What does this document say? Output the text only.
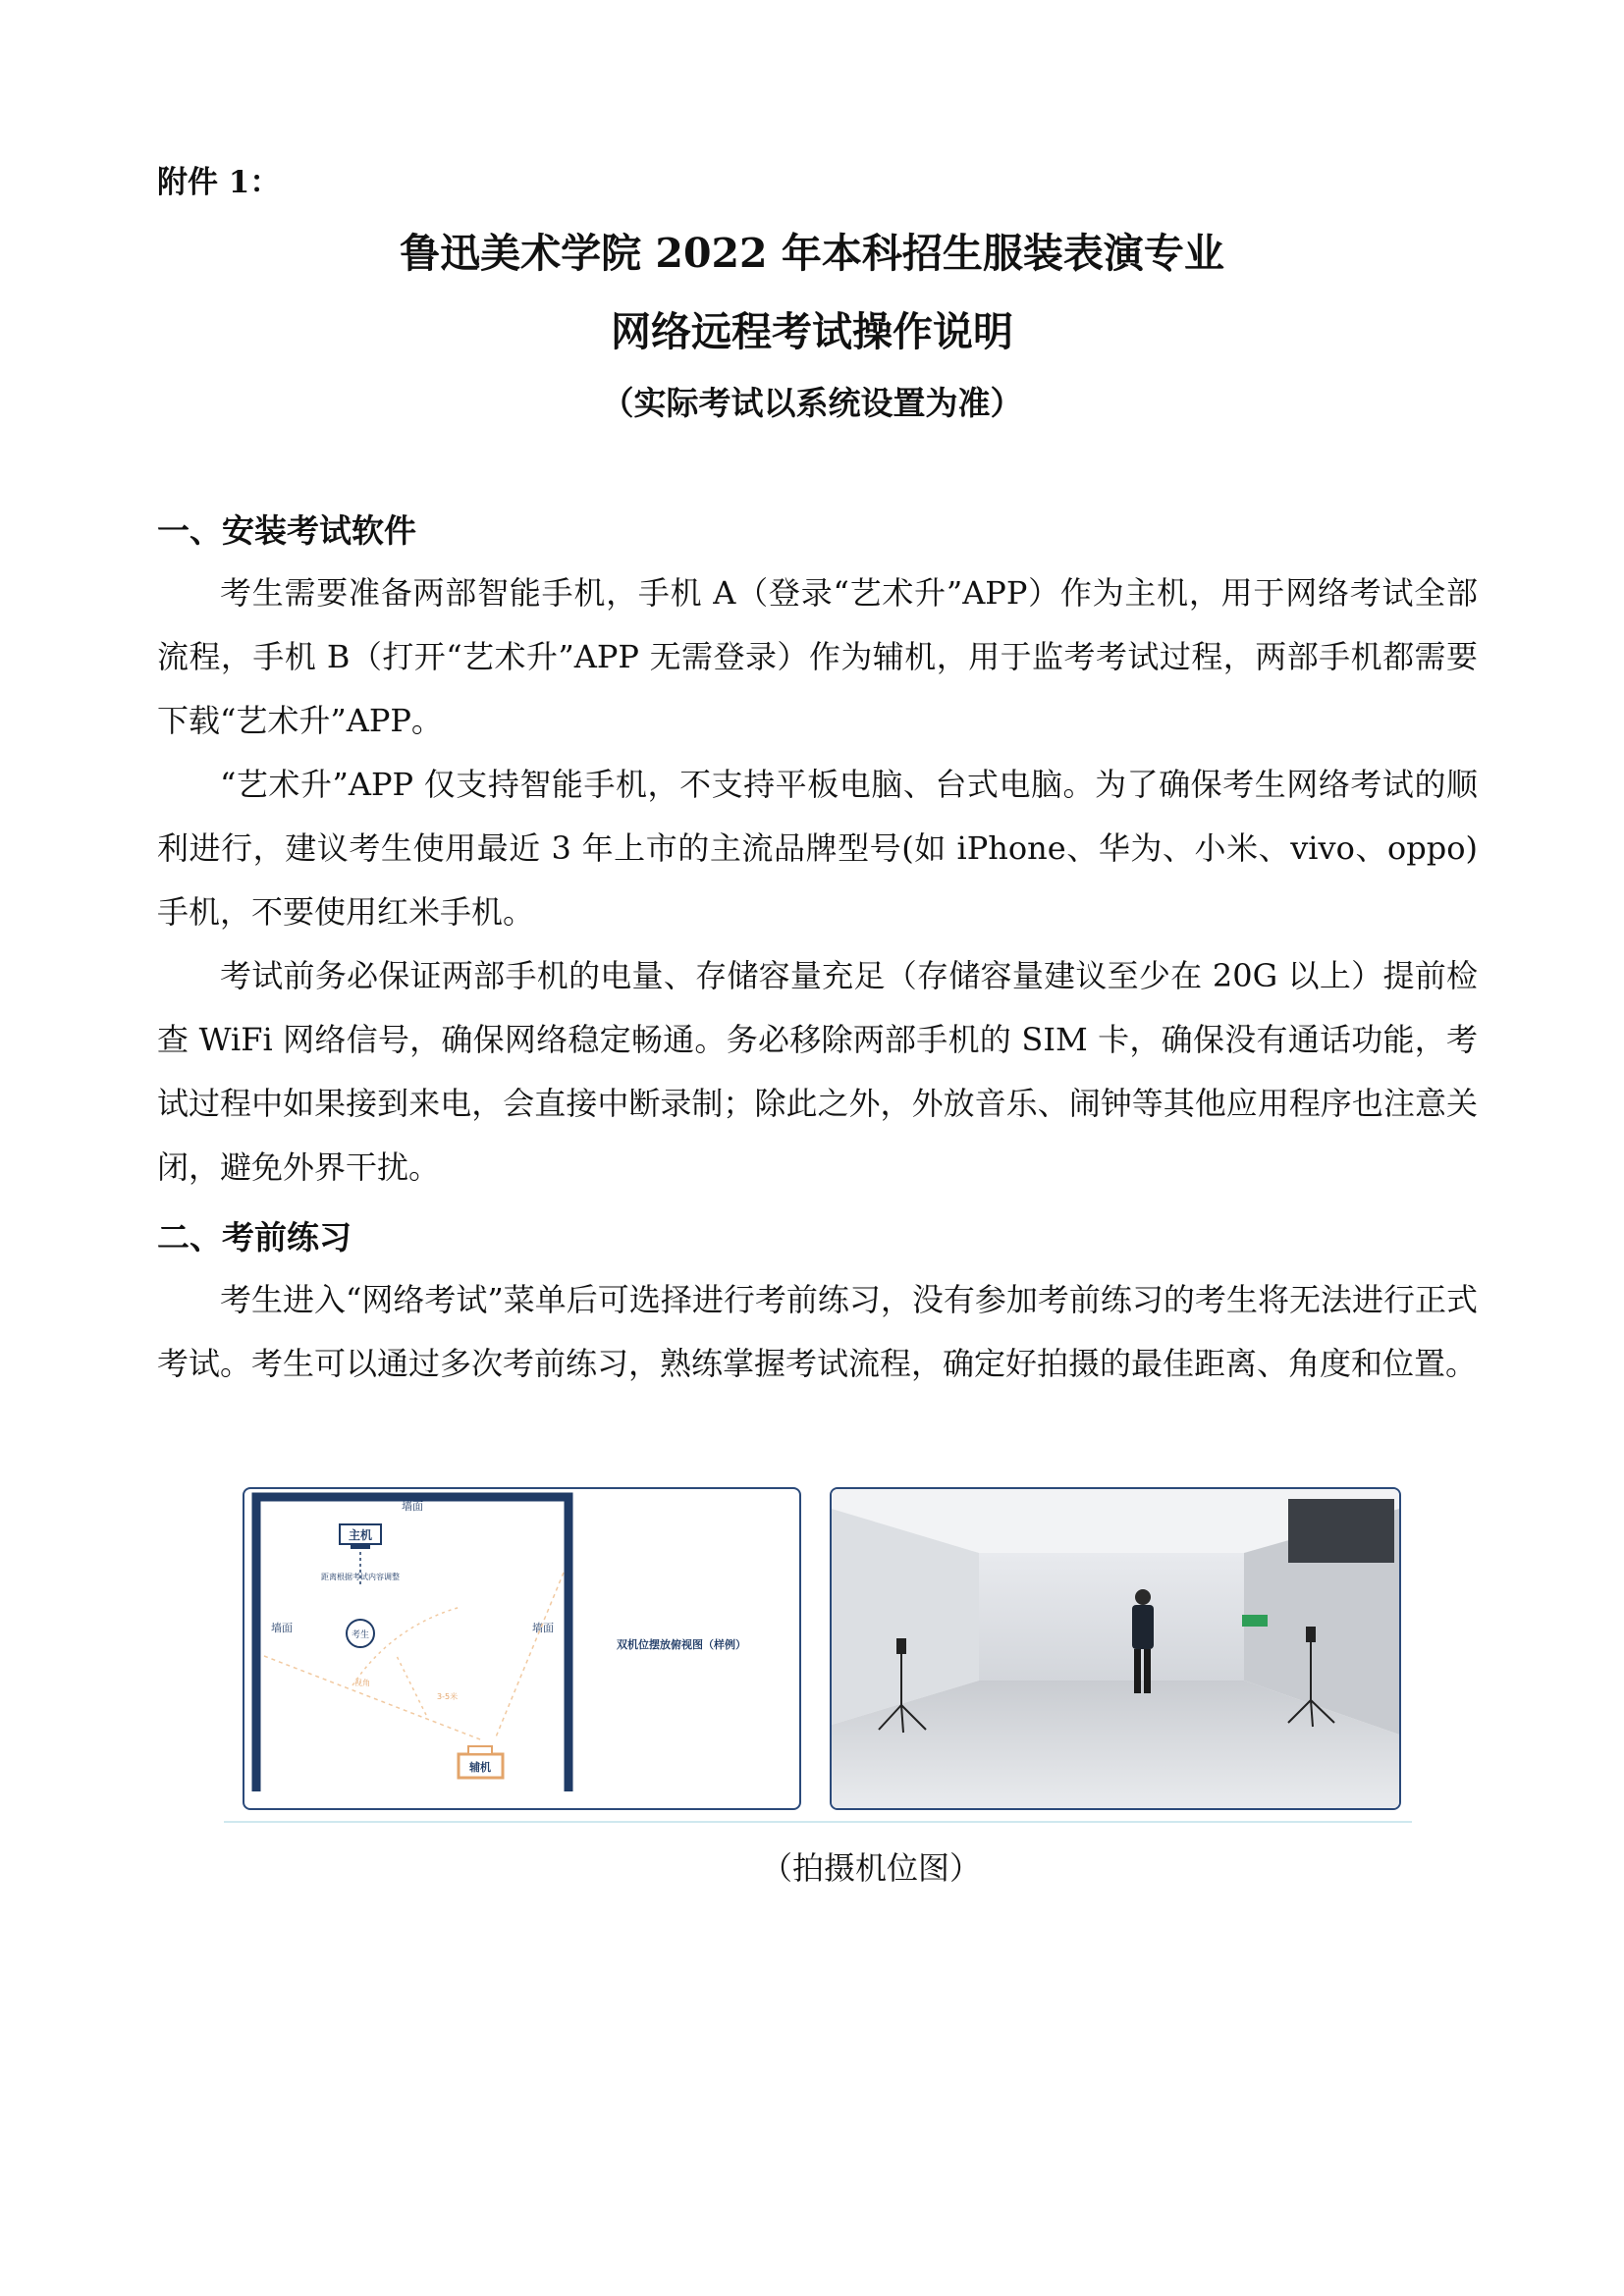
附件 1：
鲁迅美术学院 2022 年本科招生服装表演专业
网络远程考试操作说明
（实际考试以系统设置为准）
一、安装考试软件

考生需要准备两部智能手机，手机 A（登录“艺术升”APP）作为主机，用于网络考试全部流程，手机 B（打开“艺术升”APP 无需登录）作为辅机，用于监考考试过程，两部手机都需要下载“艺术升”APP。

“艺术升”APP 仅支持智能手机，不支持平板电脑、台式电脑。为了确保考生网络考试的顺利进行，建议考生使用最近 3 年上市的主流品牌型号(如 iPhone、华为、小米、vivo、oppo)手机，不要使用红米手机。

考试前务必保证两部手机的电量、存储容量充足（存储容量建议至少在 20G 以上）提前检查 WiFi 网络信号，确保网络稳定畅通。务必移除两部手机的 SIM 卡，确保没有通话功能，考试过程中如果接到来电，会直接中断录制；除此之外，外放音乐、闹钟等其他应用程序也注意关闭，避免外界干扰。

二、考前练习

考生进入“网络考试”菜单后可选择进行考前练习，没有参加考前练习的考生将无法进行正式考试。考生可以通过多次考前练习，熟练掌握考试流程，确定好拍摄的最佳距离、角度和位置。

墙面
墙面	墙面
主机
距离根据考试内容调整
考生
视角
3-5米
辅机
双机位摆放俯视图（样例）
（拍摄机位图）
